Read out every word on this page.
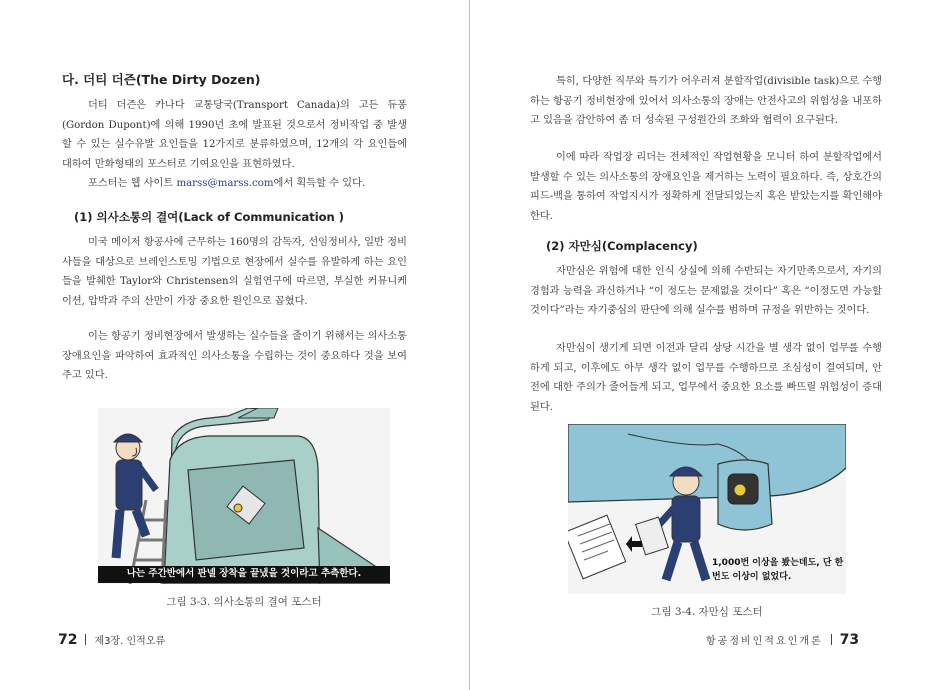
다. 더티 더즌(The Dirty Dozen)

더티 더즌은 카나다 교통당국(Transport Canada)의 고든 듀퐁(Gordon Dupont)에 의해 1990년 초에 발표된 것으로서 정비작업 중 발생할 수 있는 실수유발 요인들을 12가지로 분류하였으며, 12개의 각 요인들에 대하여 만화형태의 포스터로 기여요인을 표현하였다.

포스터는 웹 사이트 marss@marss.com에서 획득할 수 있다.

(1) 의사소통의 결여(Lack of Communication )

미국 메이저 항공사에 근무하는 160명의 감독자, 선임정비사, 일반 정비사들을 대상으로 브레인스토밍 기법으로 현장에서 실수를 유발하게 하는 요인들을 발췌한 Taylor와 Christensen의 실험연구에 따르면, 부실한 커뮤니케이션, 압박과 주의 산만이 가장 중요한 원인으로 꼽혔다.

이는 항공기 정비현장에서 발생하는 실수들을 줄이기 위해서는 의사소통 장애요인을 파악하여 효과적인 의사소통을 수립하는 것이 중요하다 것을 보여주고 있다.

나는 주간반에서 판넬 장착을 끝냈을 것이라고 추측한다.
그림 3-3. 의사소통의 결여 포스터
72 제3장. 인적오류

특히, 다양한 직무와 특기가 어우러져 분할작업(divisible task)으로 수행하는 항공기 정비현장에 있어서 의사소통의 장애는 안전사고의 위험성을 내포하고 있음을 감안하여 좀 더 성숙된 구성원간의 조화와 협력이 요구된다.

이에 따라 작업장 리더는 전체적인 작업현황을 모니터 하여 분할작업에서 발생할 수 있는 의사소통의 장애요인을 제거하는 노력이 필요하다. 즉, 상호간의 피드-백을 통하여 작업지시가 정확하게 전달되었는지 혹은 받았는지를 확인해야 한다.

(2) 자만심(Complacency)

자만심은 위험에 대한 인식 상실에 의해 수반되는 자기만족으로서, 자기의 경험과 능력을 과신하거나 “이 정도는 문제없을 것이다” 혹은 “이정도면 가능할 것이다”라는 자기중심의 판단에 의해 실수를 범하며 규정을 위반하는 것이다.

자만심이 생기게 되면 이전과 달리 상당 시간을 별 생각 없이 업무를 수행하게 되고, 이후에도 아무 생각 없이 업무를 수행하므로 조심성이 결여되며, 안전에 대한 주의가 줄어들게 되고, 업무에서 중요한 요소를 빠뜨릴 위험성이 증대된다.

1,000번 이상을 봤는데도, 단 한번도 이상이 없었다.
그림 3-4. 자만심 포스터
항공정비인적요인개론 73
